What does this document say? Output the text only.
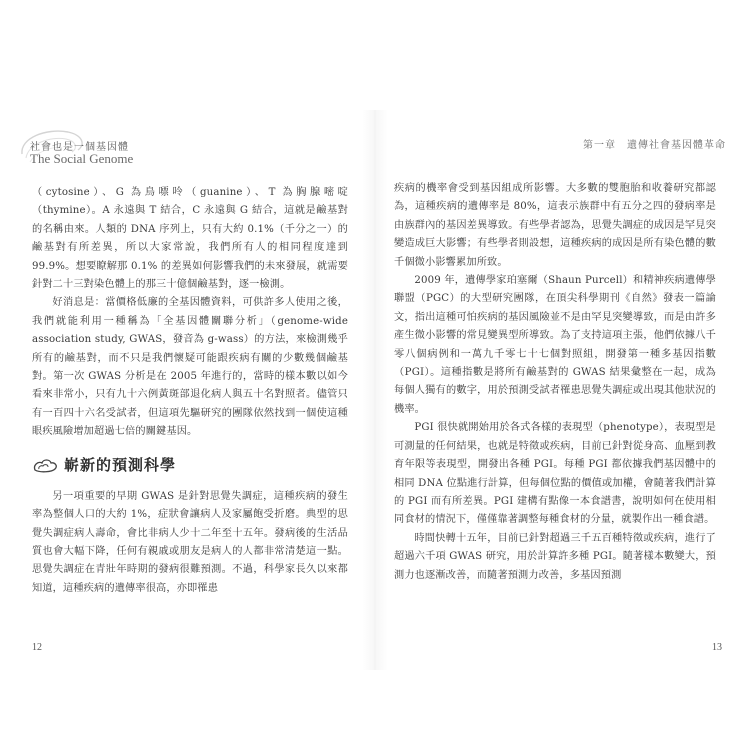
社會也是一個基因體
The Social Genome

（cytosine）、G 為鳥嘌呤（guanine）、T 為胸腺嘧啶（thymine）。A 永遠與 T 結合，C 永遠與 G 結合，這就是鹼基對的名稱由來。人類的 DNA 序列上，只有大約 0.1%（千分之一）的鹼基對有所差異，所以大家常說，我們所有人的相同程度達到 99.9%。想要瞭解那 0.1% 的差異如何影響我們的未來發展，就需要針對二十三對染色體上的那三十億個鹼基對，逐一檢測。

好消息是：當價格低廉的全基因體資料，可供許多人使用之後，我們就能利用一種稱為「全基因體關聯分析」（genome-wide association study, GWAS，發音為 g-wass）的方法，來檢測幾乎所有的鹼基對，而不只是我們懷疑可能跟疾病有關的少數幾個鹼基對。第一次 GWAS 分析是在 2005 年進行的，當時的樣本數以如今看來非常小，只有九十六例黃斑部退化病人與五十名對照者。儘管只有一百四十六名受試者，但這項先驅研究的團隊依然找到一個使這種眼疾風險增加超過七倍的關鍵基因。

嶄新的預測科學

另一項重要的早期 GWAS 是針對思覺失調症，這種疾病的發生率為整個人口的大約 1%，症狀會讓病人及家屬飽受折磨。典型的思覺失調症病人壽命，會比非病人少十二年至十五年。發病後的生活品質也會大幅下降，任何有親戚或朋友是病人的人都非常清楚這一點。思覺失調症在青壯年時期的發病很難預測。不過，科學家長久以來都知道，這種疾病的遺傳率很高，亦即罹患

12
第一章　遺傳社會基因體革命

疾病的機率會受到基因組成所影響。大多數的雙胞胎和收養研究都認為，這種疾病的遺傳率是 80%，這表示族群中有五分之四的發病率是由族群內的基因差異導致。有些學者認為，思覺失調症的成因是罕見突變造成巨大影響；有些學者則設想，這種疾病的成因是所有染色體的數千個微小影響累加所致。

2009 年，遺傳學家珀塞爾（Shaun Purcell）和精神疾病遺傳學聯盟（PGC）的大型研究團隊，在頂尖科學期刊《自然》發表一篇論文，指出這種可怕疾病的基因風險並不是由罕見突變導致，而是由許多產生微小影響的常見變異型所導致。為了支持這項主張，他們依據八千零八個病例和一萬九千零七十七個對照組，開發第一種多基因指數（PGI）。這種指數是將所有鹼基對的 GWAS 結果彙整在一起，成為每個人獨有的數字，用於預測受試者罹患思覺失調症或出現其他狀況的機率。

PGI 很快就開始用於各式各樣的表現型（phenotype），表現型是可測量的任何結果，也就是特徵或疾病，目前已針對從身高、血壓到教育年限等表現型，開發出各種 PGI。每種 PGI 都依據我們基因體中的相同 DNA 位點進行計算，但每個位點的價值或加權，會隨著我們計算的 PGI 而有所差異。PGI 建構有點像一本食譜書，說明如何在使用相同食材的情況下，僅僅靠著調整每種食材的分量，就製作出一種食譜。

時間快轉十五年，目前已針對超過三千五百種特徵或疾病，進行了超過六千項 GWAS 研究，用於計算許多種 PGI。隨著樣本數變大，預測力也逐漸改善，而隨著預測力改善，多基因預測

13
